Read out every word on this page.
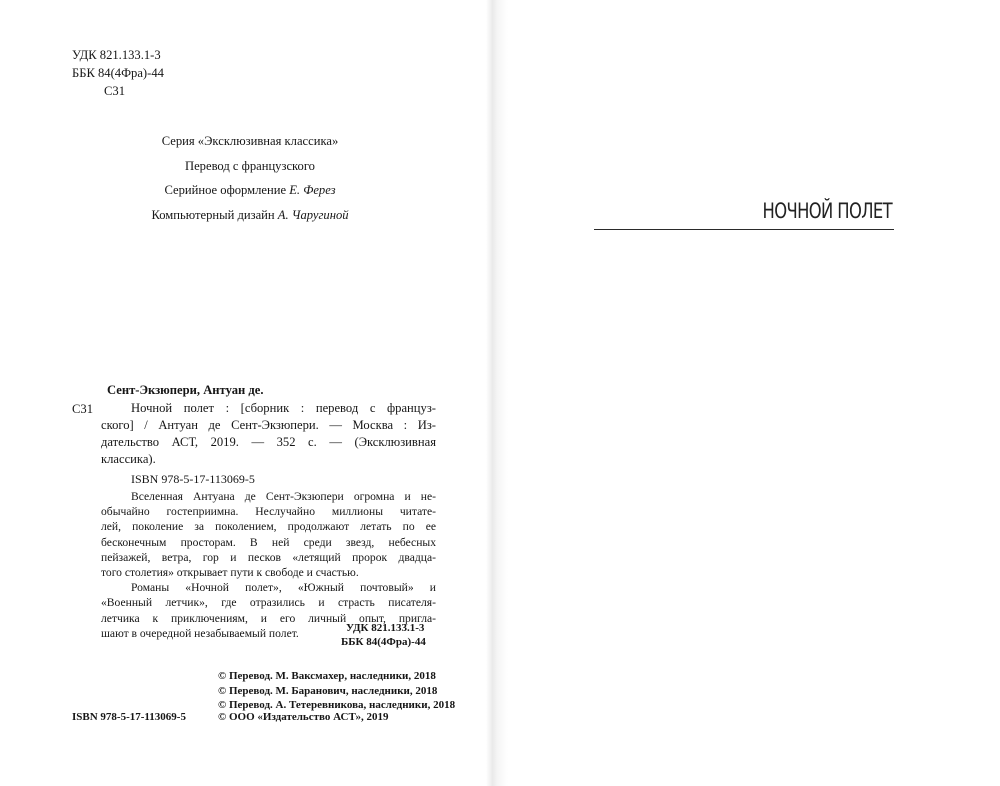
УДК 821.133.1-3
ББК 84(4Фра)-44
С31
Серия «Эксклюзивная классика»
Перевод с французского
Серийное оформление Е. Ферез
Компьютерный дизайн А. Чаругиной
Сент-Экзюпери, Антуан де.
С31	Ночной полет : [сборник : перевод с француз-
ского] / Антуан де Сент-Экзюпери. — Москва : Из-
дательство АСТ, 2019. — 352 с. — (Эксклюзивная
классика).
ISBN 978-5-17-113069-5
Вселенная Антуана де Сент-Экзюпери огромна и не-
обычайно гостеприимна. Неслучайно миллионы читате-
лей, поколение за поколением, продолжают летать по ее
бесконечным просторам. В ней среди звезд, небесных
пейзажей, ветра, гор и песков «летящий пророк двадца-
того столетия» открывает пути к свободе и счастью.
Романы «Ночной полет», «Южный почтовый» и
«Военный летчик», где отразились и страсть писателя-
летчика к приключениям, и его личный опыт, пригла-
шают в очередной незабываемый полет.	УДК 821.133.1-3
ББК 84(4Фра)-44
ISBN 978-5-17-113069-5
© Перевод. М. Ваксмахер, наследники, 2018
© Перевод. М. Баранович, наследники, 2018
© Перевод. А. Тетеревникова, наследники, 2018
© ООО «Издательство АСТ», 2019
НОЧНОЙ ПОЛЕТ
